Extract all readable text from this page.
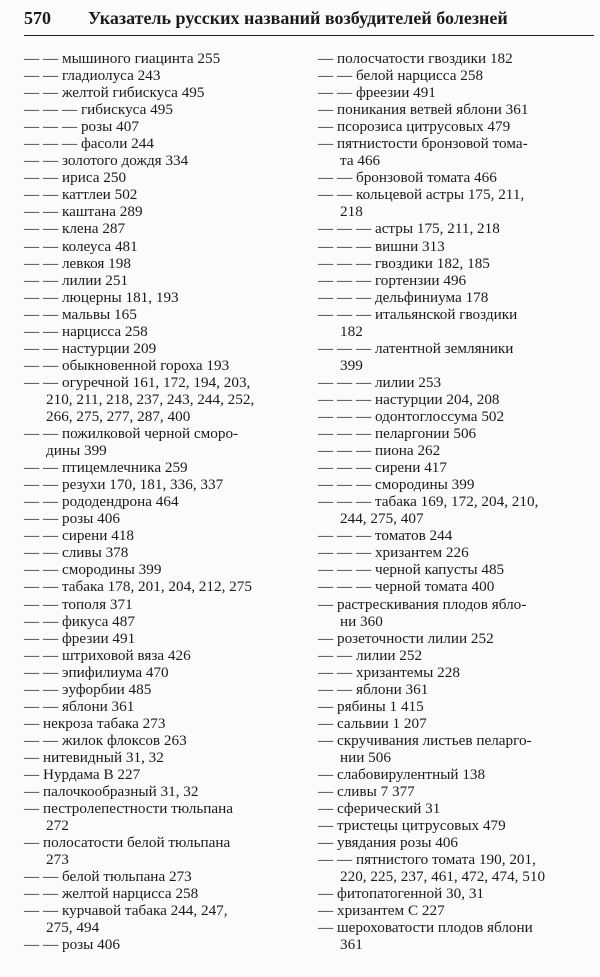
570 Указатель русских названий возбудителей болезней
— — мышиного гиацинта 255
— — гладиолуса 243
— — желтой гибискуса 495
— — — гибискуса 495
— — — розы 407
— — — фасоли 244
— — золотого дождя 334
— — ириса 250
— — каттлеи 502
— — каштана 289
— — клена 287
— — колеуса 481
— — левкоя 198
— — лилии 251
— — люцерны 181, 193
— — мальвы 165
— — нарцисса 258
— — настурции 209
— — обыкновенной гороха 193
— — огуречной 161, 172, 194, 203,
210, 211, 218, 237, 243, 244, 252,
266, 275, 277, 287, 400
— — пожилковой черной сморо-
дины 399
— — птицемлечника 259
— — резухи 170, 181, 336, 337
— — рододендрона 464
— — розы 406
— — сирени 418
— — сливы 378
— — смородины 399
— — табака 178, 201, 204, 212, 275
— — тополя 371
— — фикуса 487
— — фрезии 491
— — штриховой вяза 426
— — эпифилиума 470
— — эуфорбии 485
— — яблони 361
— некроза табака 273
— — жилок флоксов 263
— нитевидный 31, 32
— Нурдама В 227
— палочкообразный 31, 32
— пестролепестности тюльпана
272
— полосатости белой тюльпана
273
— — белой тюльпана 273
— — желтой нарцисса 258
— — курчавой табака 244, 247,
275, 494
— — розы 406
— полосчатости гвоздики 182
— — белой нарцисса 258
— — фреезии 491
— поникания ветвей яблони 361
— псорозиса цитрусовых 479
— пятнистости бронзовой тома-
та 466
— — бронзовой томата 466
— — кольцевой астры 175, 211,
218
— — — астры 175, 211, 218
— — — вишни 313
— — — гвоздики 182, 185
— — — гортензии 496
— — — дельфиниума 178
— — — итальянской гвоздики
182
— — — латентной земляники
399
— — — лилии 253
— — — настурции 204, 208
— — — одонтоглоссума 502
— — — пеларгонии 506
— — — пиона 262
— — — сирени 417
— — — смородины 399
— — — табака 169, 172, 204, 210,
244, 275, 407
— — — томатов 244
— — — хризантем 226
— — — черной капусты 485
— — — черной томата 400
— растрескивания плодов ябло-
ни 360
— розеточности лилии 252
— — лилии 252
— — хризантемы 228
— — яблони 361
— рябины 1 415
— сальвии 1 207
— скручивания листьев пеларго-
нии 506
— слабовирулентный 138
— сливы 7 377
— сферический 31
— тристецы цитрусовых 479
— увядания розы 406
— — пятнистого томата 190, 201,
220, 225, 237, 461, 472, 474, 510
— фитопатогенной 30, 31
— хризантем С 227
— шероховатости плодов яблони
361
